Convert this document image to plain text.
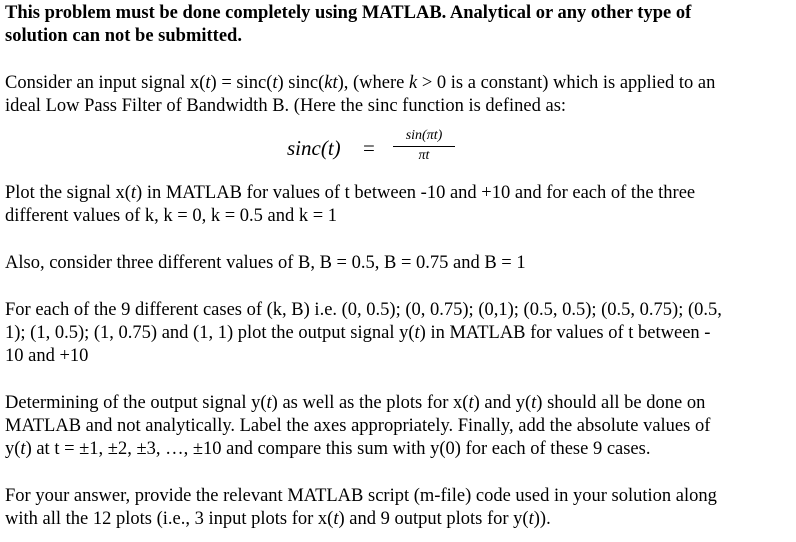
This problem must be done completely using MATLAB. Analytical or any other type of
solution can not be submitted.
Consider an input signal x(t) = sinc(t) sinc(kt), (where k > 0 is a constant) which is applied to an
ideal Low Pass Filter of Bandwidth B. (Here the sinc function is defined as:
$\sin c(t) = \frac{\sin(\pi t)}{\pi t}$
Plot the signal x(t) in MATLAB for values of t between -10 and +10 and for each of the three
different values of k, k = 0, k = 0.5 and k = 1
Also, consider three different values of B, B = 0.5, B = 0.75 and B = 1
For each of the 9 different cases of (k, B) i.e. (0, 0.5); (0, 0.75); (0,1); (0.5, 0.5); (0.5, 0.75); (0.5,
1); (1, 0.5); (1, 0.75) and (1, 1) plot the output signal y(t) in MATLAB for values of t between -
10 and +10
Determining of the output signal y(t) as well as the plots for x(t) and y(t) should all be done on
MATLAB and not analytically. Label the axes appropriately. Finally, add the absolute values of
y(t) at t = ±1, ±2, ±3, …, ±10 and compare this sum with y(0) for each of these 9 cases.
For your answer, provide the relevant MATLAB script (m-file) code used in your solution along
with all the 12 plots (i.e., 3 input plots for x(t) and 9 output plots for y(t)).
